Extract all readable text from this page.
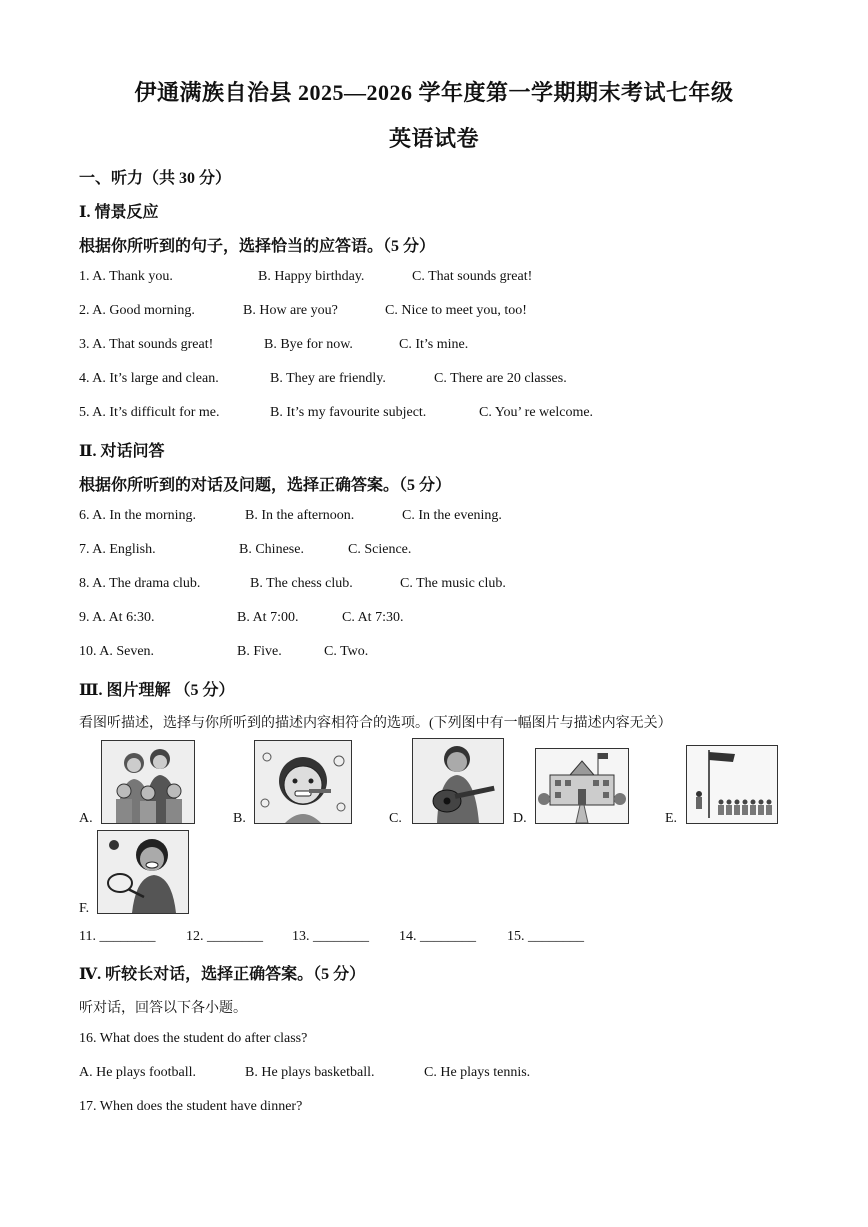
伊通满族自治县 2025—2026 学年度第一学期期末考试七年级
英语试卷
一、听力（共 30 分）
Ⅰ. 情景反应
根据你所听到的句子，选择恰当的应答语。（5 分）
1. A. Thank you.	B. Happy birthday.	C. That sounds great!
2. A. Good morning.	B. How are you?	C. Nice to meet you, too!
3. A. That sounds great!	B. Bye for now.	C. It’s mine.
4. A. It’s large and clean.	B. They are friendly.	C. There are 20 classes.
5. A. It’s difficult for me.	B. It’s my favourite subject.	C. You’ re welcome.
Ⅱ. 对话问答
根据你所听到的对话及问题，选择正确答案。（5 分）
6. A. In the morning.	B. In the afternoon.	C. In the evening.
7. A. English.	B. Chinese.	C. Science.
8. A. The drama club.	B. The chess club.	C. The music club.
9. A. At 6:30.	B. At 7:00.	C. At 7:30.
10. A. Seven.	B. Five.	C. Two.
Ⅲ. 图片理解 （5 分）
看图听描述，选择与你所听到的描述内容相符合的选项。(下列图中有一幅图片与描述内容无关）
A.	B.	C.	D.	E.
F.
11. ________ 12. ________ 13. ________ 14. ________ 15. ________
Ⅳ. 听较长对话，选择正确答案。（5 分）
听对话，回答以下各小题。
16. What does the student do after class?
A. He plays football.	B. He plays basketball.	C. He plays tennis.
17. When does the student have dinner?
